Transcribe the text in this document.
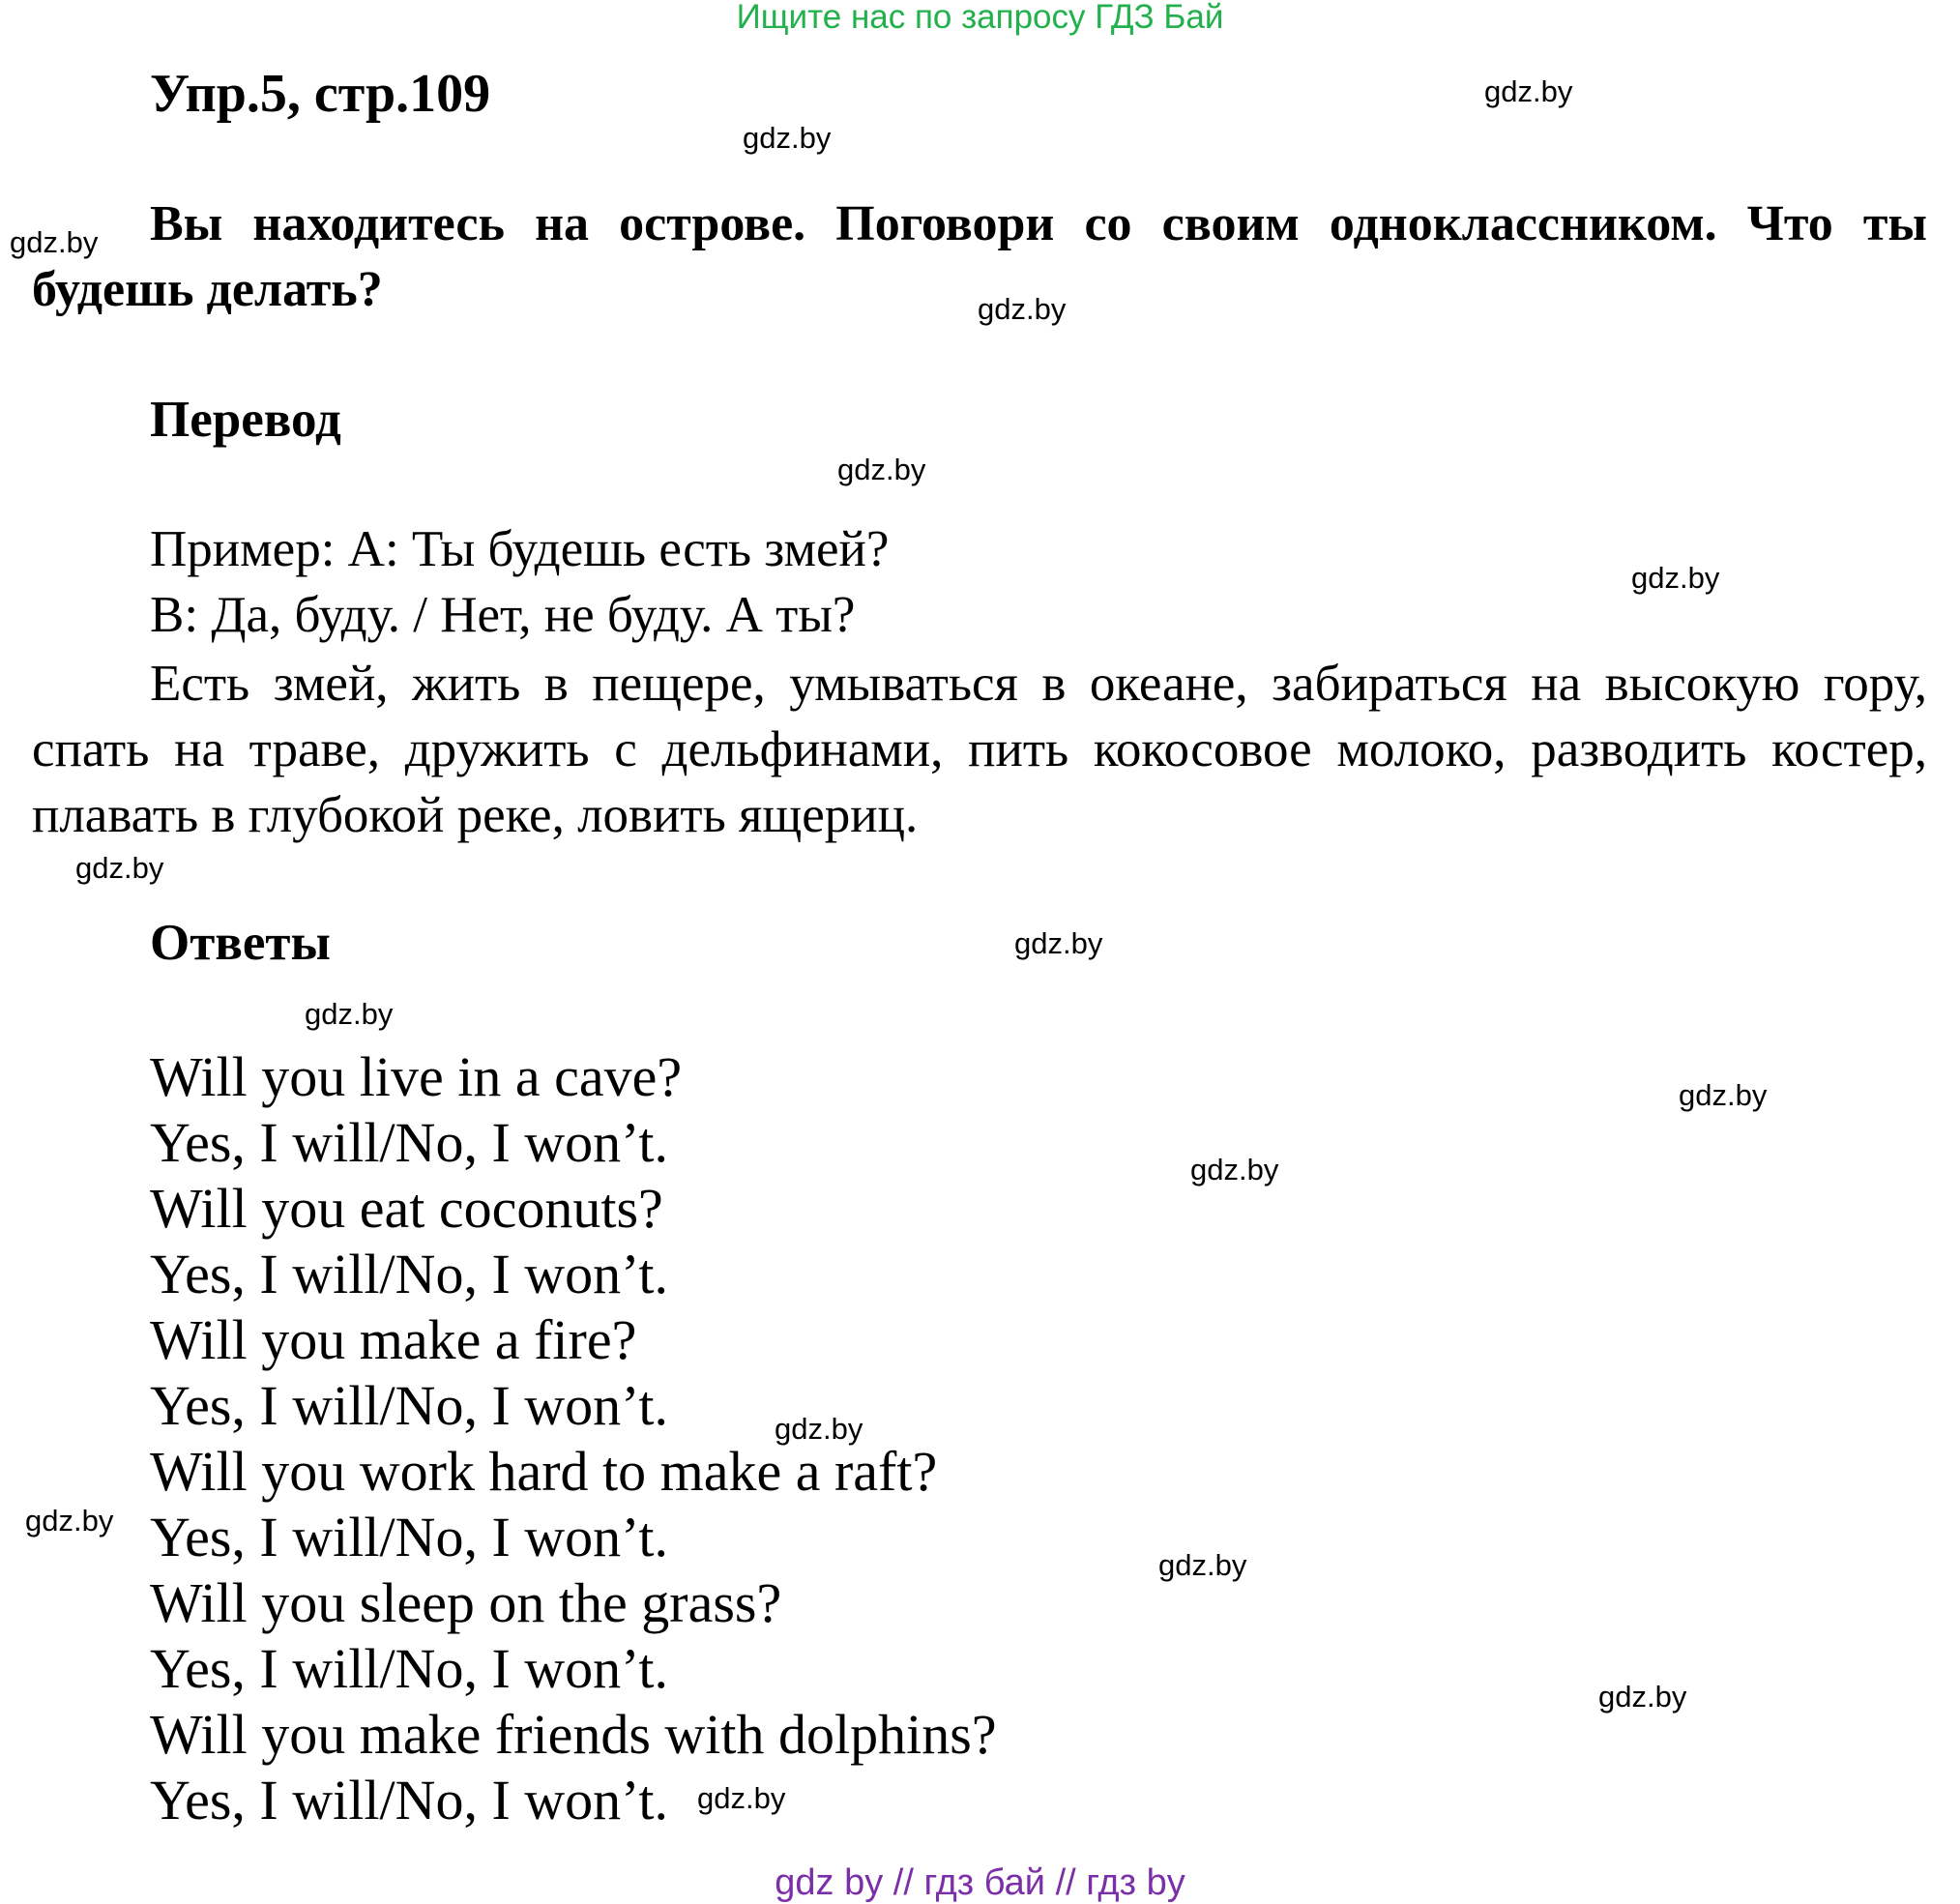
Ищите нас по запросу ГДЗ Бай
Упр.5, стр.109
Вы находитесь на острове. Поговори со своим одноклассником. Что ты будешь делать?
Перевод
Пример: А: Ты будешь есть змей?
В: Да, буду. / Нет, не буду. А ты?
Есть змей, жить в пещере, умываться в океане, забираться на высокую гору, спать на траве, дружить с дельфинами, пить кокосовое молоко, разводить костер, плавать в глубокой реке, ловить ящериц.
Ответы
Will you live in a cave?
Yes, I will/No, I won’t.
Will you eat coconuts?
Yes, I will/No, I won’t.
Will you make a fire?
Yes, I will/No, I won’t.
Will you work hard to make a raft?
Yes, I will/No, I won’t.
Will you sleep on the grass?
Yes, I will/No, I won’t.
Will you make friends with dolphins?
Yes, I will/No, I won’t.
gdz.by
gdz.by
gdz.by
gdz.by
gdz.by
gdz.by
gdz.by
gdz.by
gdz.by
gdz.by
gdz.by
gdz.by
gdz.by
gdz.by
gdz.by
gdz.by
gdz by // гдз бай // гдз by
